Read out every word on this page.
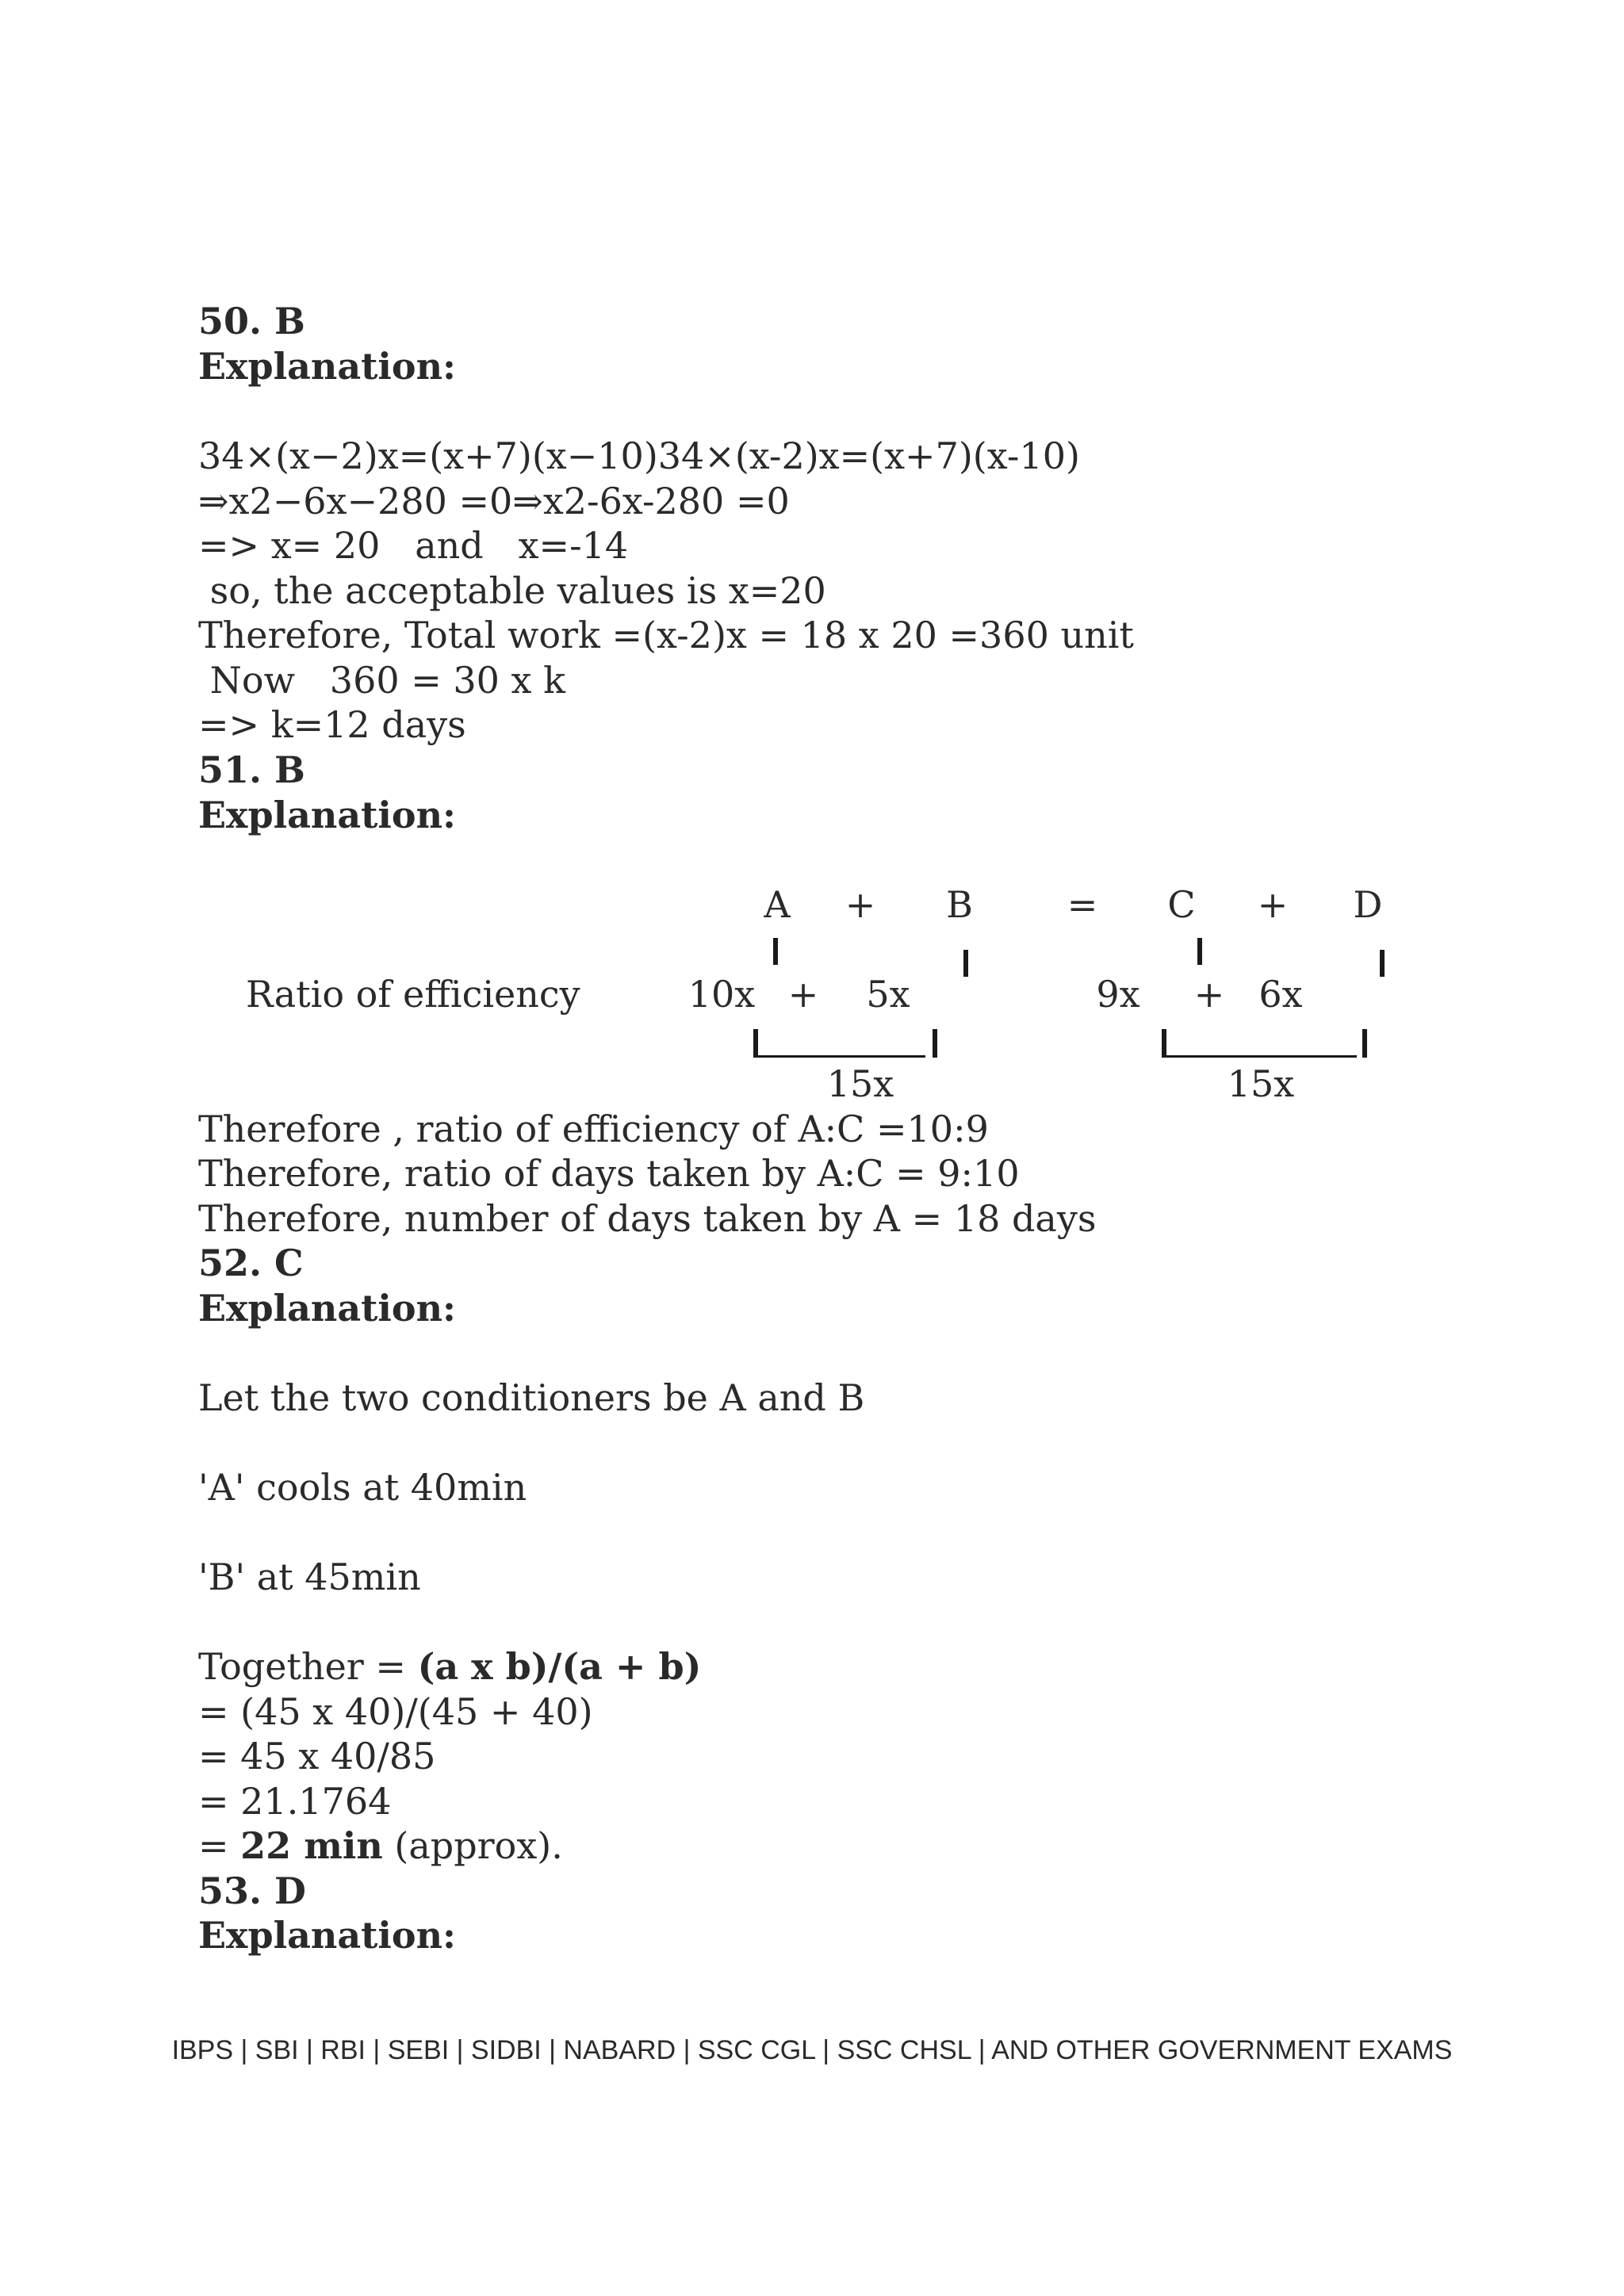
50. B
Explanation:
34×(x−2)x=(x+7)(x−10)34×(x-2)x=(x+7)(x-10)
⇒x2−6x−280 =0⇒x2-6x-280 =0
=> x= 20   and   x=-14
so, the acceptable values is x=20
Therefore, Total work =(x-2)x = 18 x 20 =360 unit
Now   360 = 30 x k
=> k=12 days
51. B
Explanation:
A + B	= C + D
Ratio of efficiency	10x + 5x	9x + 6x
15x	15x
Therefore , ratio of efficiency of A:C =10:9
Therefore, ratio of days taken by A:C = 9:10
Therefore, number of days taken by A = 18 days
52. C
Explanation:
Let the two conditioners be A and B
'A' cools at 40min
'B' at 45min
Together = (a x b)/(a + b)
= (45 x 40)/(45 + 40)
= 45 x 40/85
= 21.1764
= 22 min (approx).
53. D
Explanation:
IBPS | SBI | RBI | SEBI | SIDBI | NABARD | SSC CGL | SSC CHSL | AND OTHER GOVERNMENT EXAMS
